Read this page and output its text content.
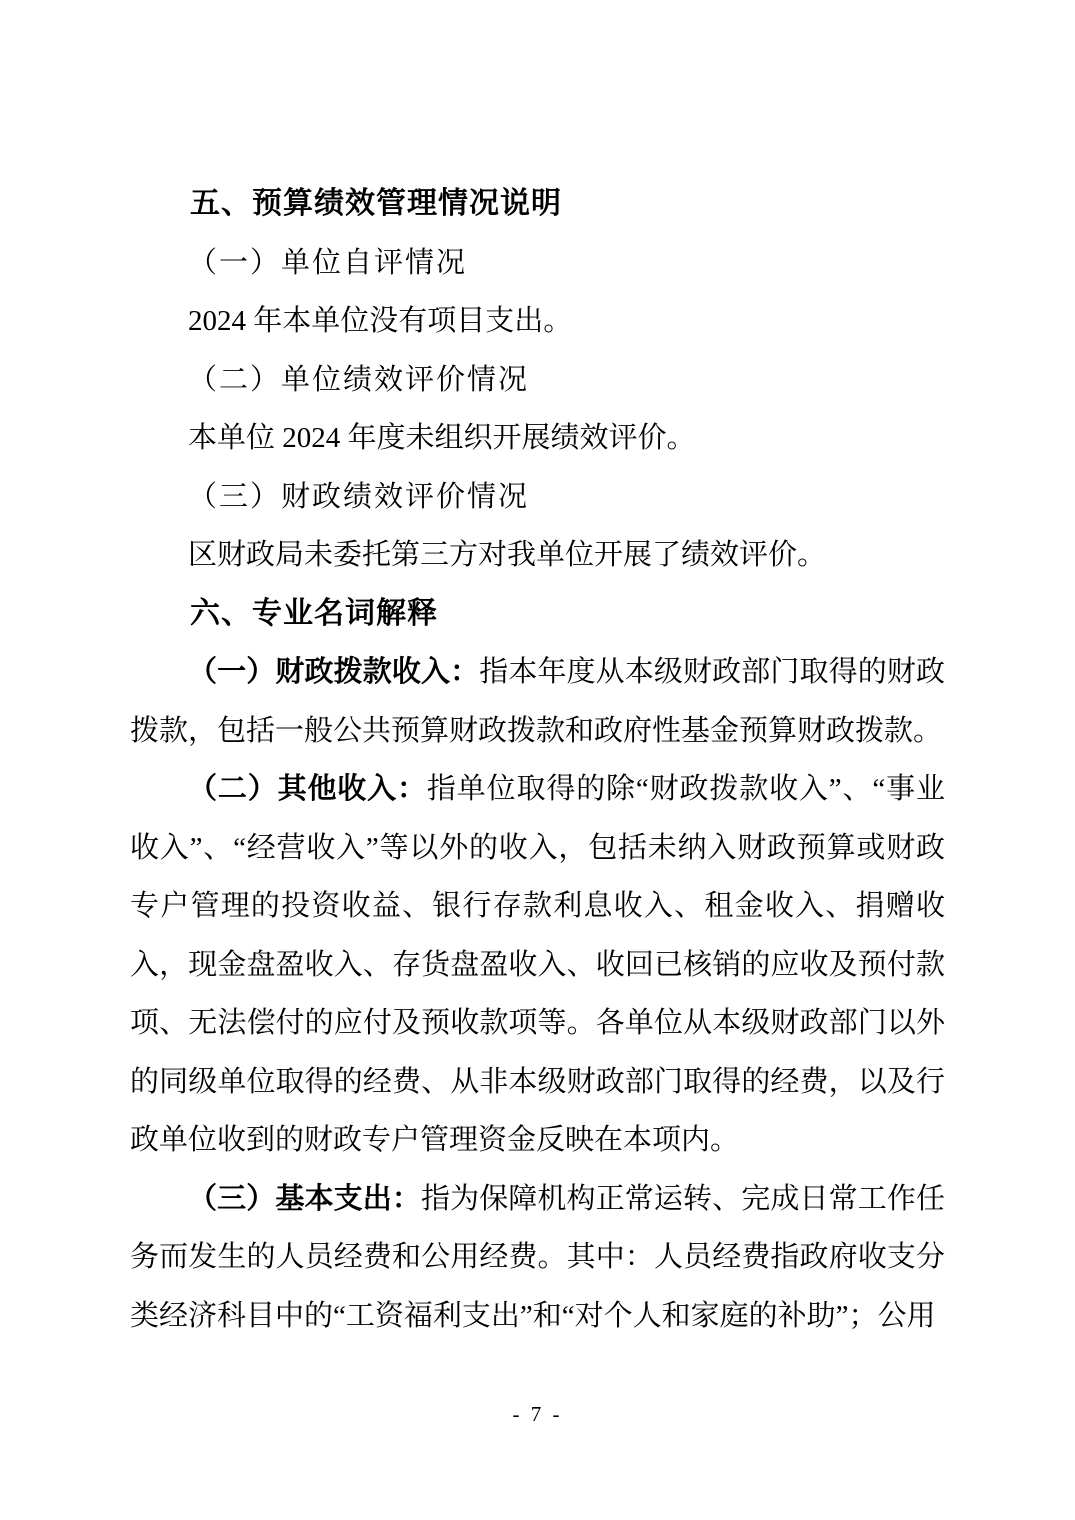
五、预算绩效管理情况说明

（一）单位自评情况

2024 年本单位没有项目支出。

（二）单位绩效评价情况

本单位 2024 年度未组织开展绩效评价。

（三）财政绩效评价情况

区财政局未委托第三方对我单位开展了绩效评价。

六、专业名词解释

（一）财政拨款收入：指本年度从本级财政部门取得的财政拨款，包括一般公共预算财政拨款和政府性基金预算财政拨款。

（二）其他收入：指单位取得的除“财政拨款收入”、“事业收入”、“经营收入”等以外的收入，包括未纳入财政预算或财政专户管理的投资收益、银行存款利息收入、租金收入、捐赠收入，现金盘盈收入、存货盘盈收入、收回已核销的应收及预付款项、无法偿付的应付及预收款项等。各单位从本级财政部门以外的同级单位取得的经费、从非本级财政部门取得的经费，以及行政单位收到的财政专户管理资金反映在本项内。

（三）基本支出：指为保障机构正常运转、完成日常工作任务而发生的人员经费和公用经费。其中：人员经费指政府收支分类经济科目中的“工资福利支出”和“对个人和家庭的补助”；公用

- 7 -
